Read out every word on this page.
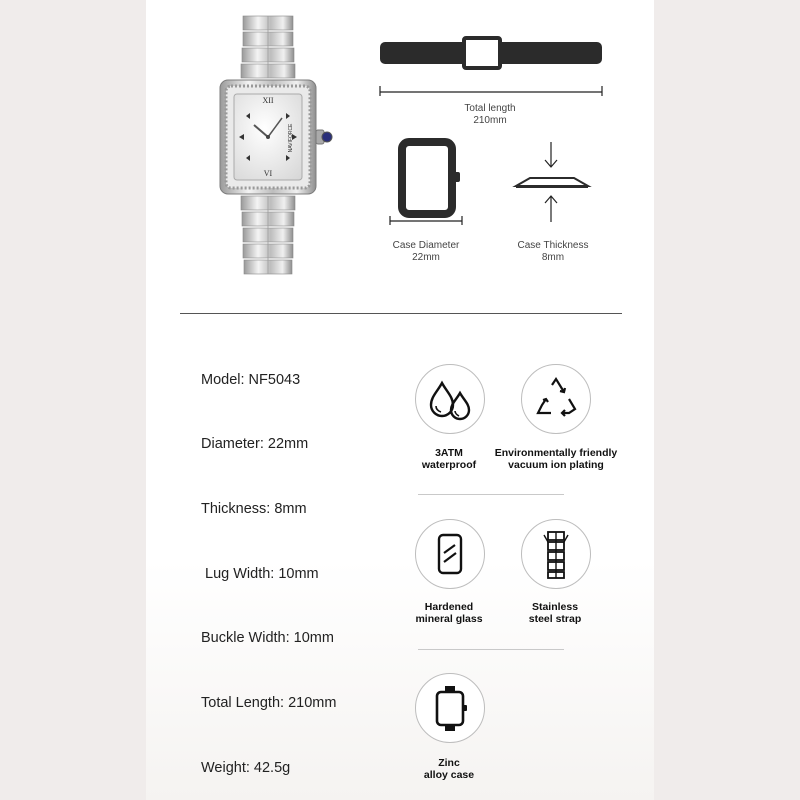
XII
VI
NAVIFORCE
Total length
210mm
Case Diameter
22mm
Case Thickness
8mm
Model: NF5043
Diameter: 22mm
Thickness: 8mm
Lug Width: 10mm
Buckle Width: 10mm
Total Length: 210mm
Weight: 42.5g
3ATM
waterproof
Environmentally friendly
vacuum ion plating
Hardened
mineral glass
Stainless
steel strap
Zinc
alloy case
